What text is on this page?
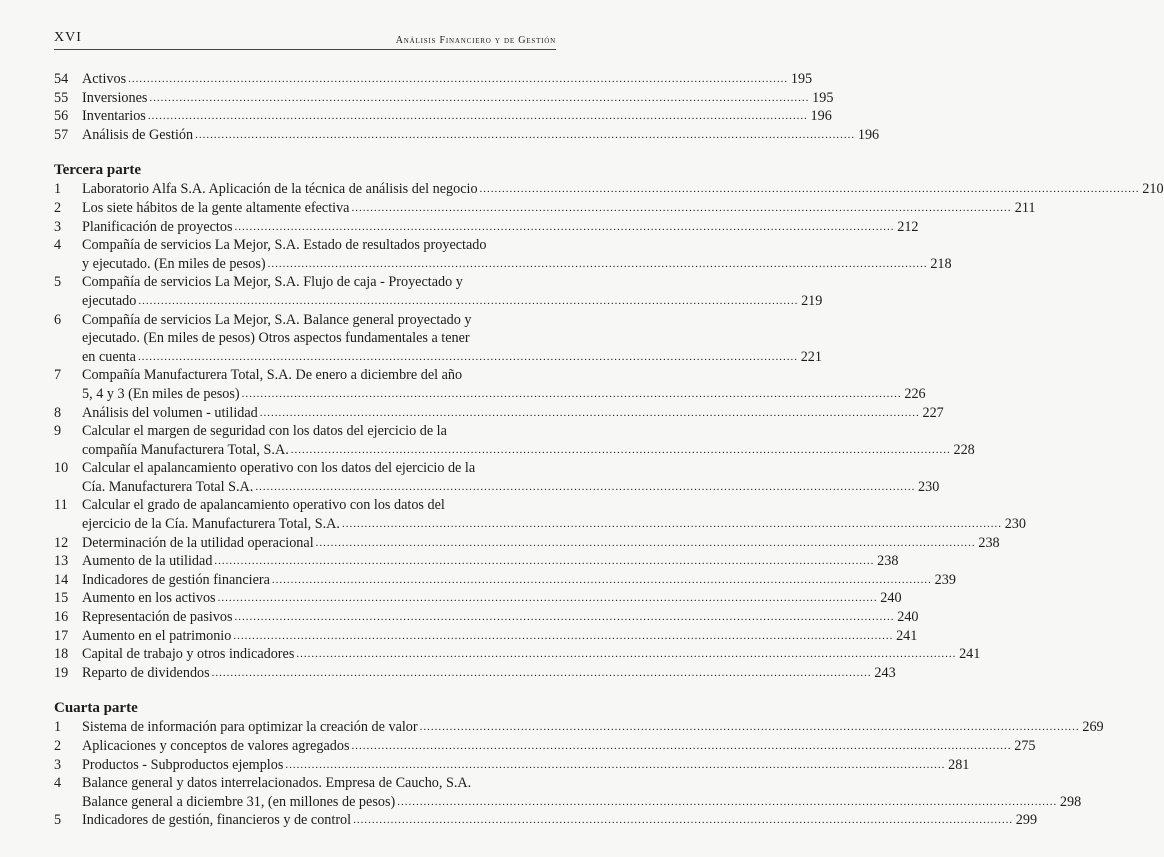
XVI	Análisis Financiero y de Gestión
54 Activos .....	195
55 Inversiones .....	195
56 Inventarios .....	196
57 Análisis de Gestión .....	196
Tercera parte
1	Laboratorio Alfa S.A. Aplicación de la técnica de análisis del negocio .....	210
2	Los siete hábitos de la gente altamente efectiva .....	211
3	Planificación de proyectos .....	212
4	Compañía de servicios La Mejor, S.A. Estado de resultados proyectado
y ejecutado. (En miles de pesos) .....	218
5	Compañía de servicios La Mejor, S.A. Flujo de caja - Proyectado y
ejecutado .....	219
6	Compañía de servicios La Mejor, S.A. Balance general proyectado y
ejecutado. (En miles de pesos) Otros aspectos fundamentales a tener
en cuenta .....	221
7	Compañía Manufacturera Total, S.A. De enero a diciembre del año
5, 4 y 3 (En miles de pesos) .....	226
8	Análisis del volumen - utilidad .....	227
9	Calcular el margen de seguridad con los datos del ejercicio de la
compañía Manufacturera Total, S.A. .....	228
10 Calcular el apalancamiento operativo con los datos del ejercicio de la
Cía. Manufacturera Total S.A. .....	230
11	Calcular el grado de apalancamiento operativo con los datos del
ejercicio de la Cía. Manufacturera Total, S.A. .....	230
12 Determinación de la utilidad operacional .....	238
13 Aumento de la utilidad .....	238
14 Indicadores de gestión financiera .....	239
15 Aumento en los activos .....	240
16 Representación de pasivos .....	240
17 Aumento en el patrimonio .....	241
18 Capital de trabajo y otros indicadores .....	241
19 Reparto de dividendos .....	243
Cuarta parte
1	Sistema de información para optimizar la creación de valor .....	269
2	Aplicaciones y conceptos de valores agregados .....	275
3	Productos - Subproductos ejemplos .....	281
4	Balance general y datos interrelacionados. Empresa de Caucho, S.A.
Balance general a diciembre 31, (en millones de pesos) .....	298
5	Indicadores de gestión, financieros y de control .....	299
